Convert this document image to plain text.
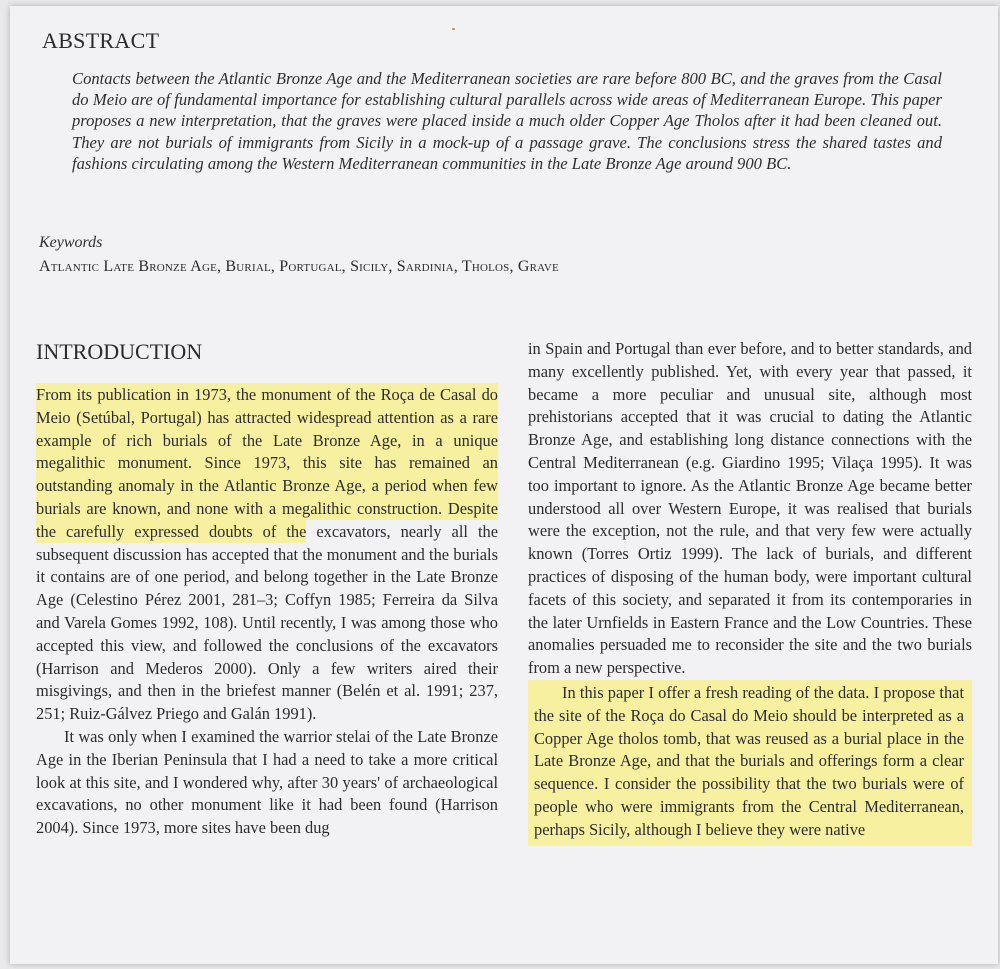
ABSTRACT
Contacts between the Atlantic Bronze Age and the Mediterranean societies are rare before 800 BC, and the graves from the Casal do Meio are of fundamental importance for establishing cultural parallels across wide areas of Mediterranean Europe. This paper proposes a new interpretation, that the graves were placed inside a much older Copper Age Tholos after it had been cleaned out. They are not burials of immigrants from Sicily in a mock-up of a passage grave. The conclusions stress the shared tastes and fashions circulating among the Western Mediterranean communities in the Late Bronze Age around 900 BC.
Keywords
Atlantic Late Bronze Age, Burial, Portugal, Sicily, Sardinia, Tholos, Grave
INTRODUCTION

From its publication in 1973, the monument of the Roça de Casal do Meio (Setúbal, Portugal) has attracted widespread attention as a rare example of rich burials of the Late Bronze Age, in a unique megalithic monument. Since 1973, this site has remained an outstanding anomaly in the Atlantic Bronze Age, a period when few burials are known, and none with a megalithic construction. Despite the carefully expressed doubts of the excavators, nearly all the subsequent discussion has accepted that the monument and the burials it contains are of one period, and belong together in the Late Bronze Age (Celestino Pérez 2001, 281–3; Coffyn 1985; Ferreira da Silva and Varela Gomes 1992, 108). Until recently, I was among those who accepted this view, and followed the conclusions of the excavators (Harrison and Mederos 2000). Only a few writers aired their misgivings, and then in the briefest manner (Belén et al. 1991; 237, 251; Ruiz-Gálvez Priego and Galán 1991).

It was only when I examined the warrior stelai of the Late Bronze Age in the Iberian Peninsula that I had a need to take a more critical look at this site, and I wondered why, after 30 years' of archaeological excavations, no other monument like it had been found (Harrison 2004). Since 1973, more sites have been dug

in Spain and Portugal than ever before, and to better standards, and many excellently published. Yet, with every year that passed, it became a more peculiar and unusual site, although most prehistorians accepted that it was crucial to dating the Atlantic Bronze Age, and establishing long distance connections with the Central Mediterranean (e.g. Giardino 1995; Vilaça 1995). It was too important to ignore. As the Atlantic Bronze Age became better understood all over Western Europe, it was realised that burials were the exception, not the rule, and that very few were actually known (Torres Ortiz 1999). The lack of burials, and different practices of disposing of the human body, were important cultural facets of this society, and separated it from its contemporaries in the later Urnfields in Eastern France and the Low Countries. These anomalies persuaded me to reconsider the site and the two burials from a new perspective.

In this paper I offer a fresh reading of the data. I propose that the site of the Roça do Casal do Meio should be interpreted as a Copper Age tholos tomb, that was reused as a burial place in the Late Bronze Age, and that the burials and offerings form a clear sequence. I consider the possibility that the two burials were of people who were immigrants from the Central Mediterranean, perhaps Sicily, although I believe they were native
